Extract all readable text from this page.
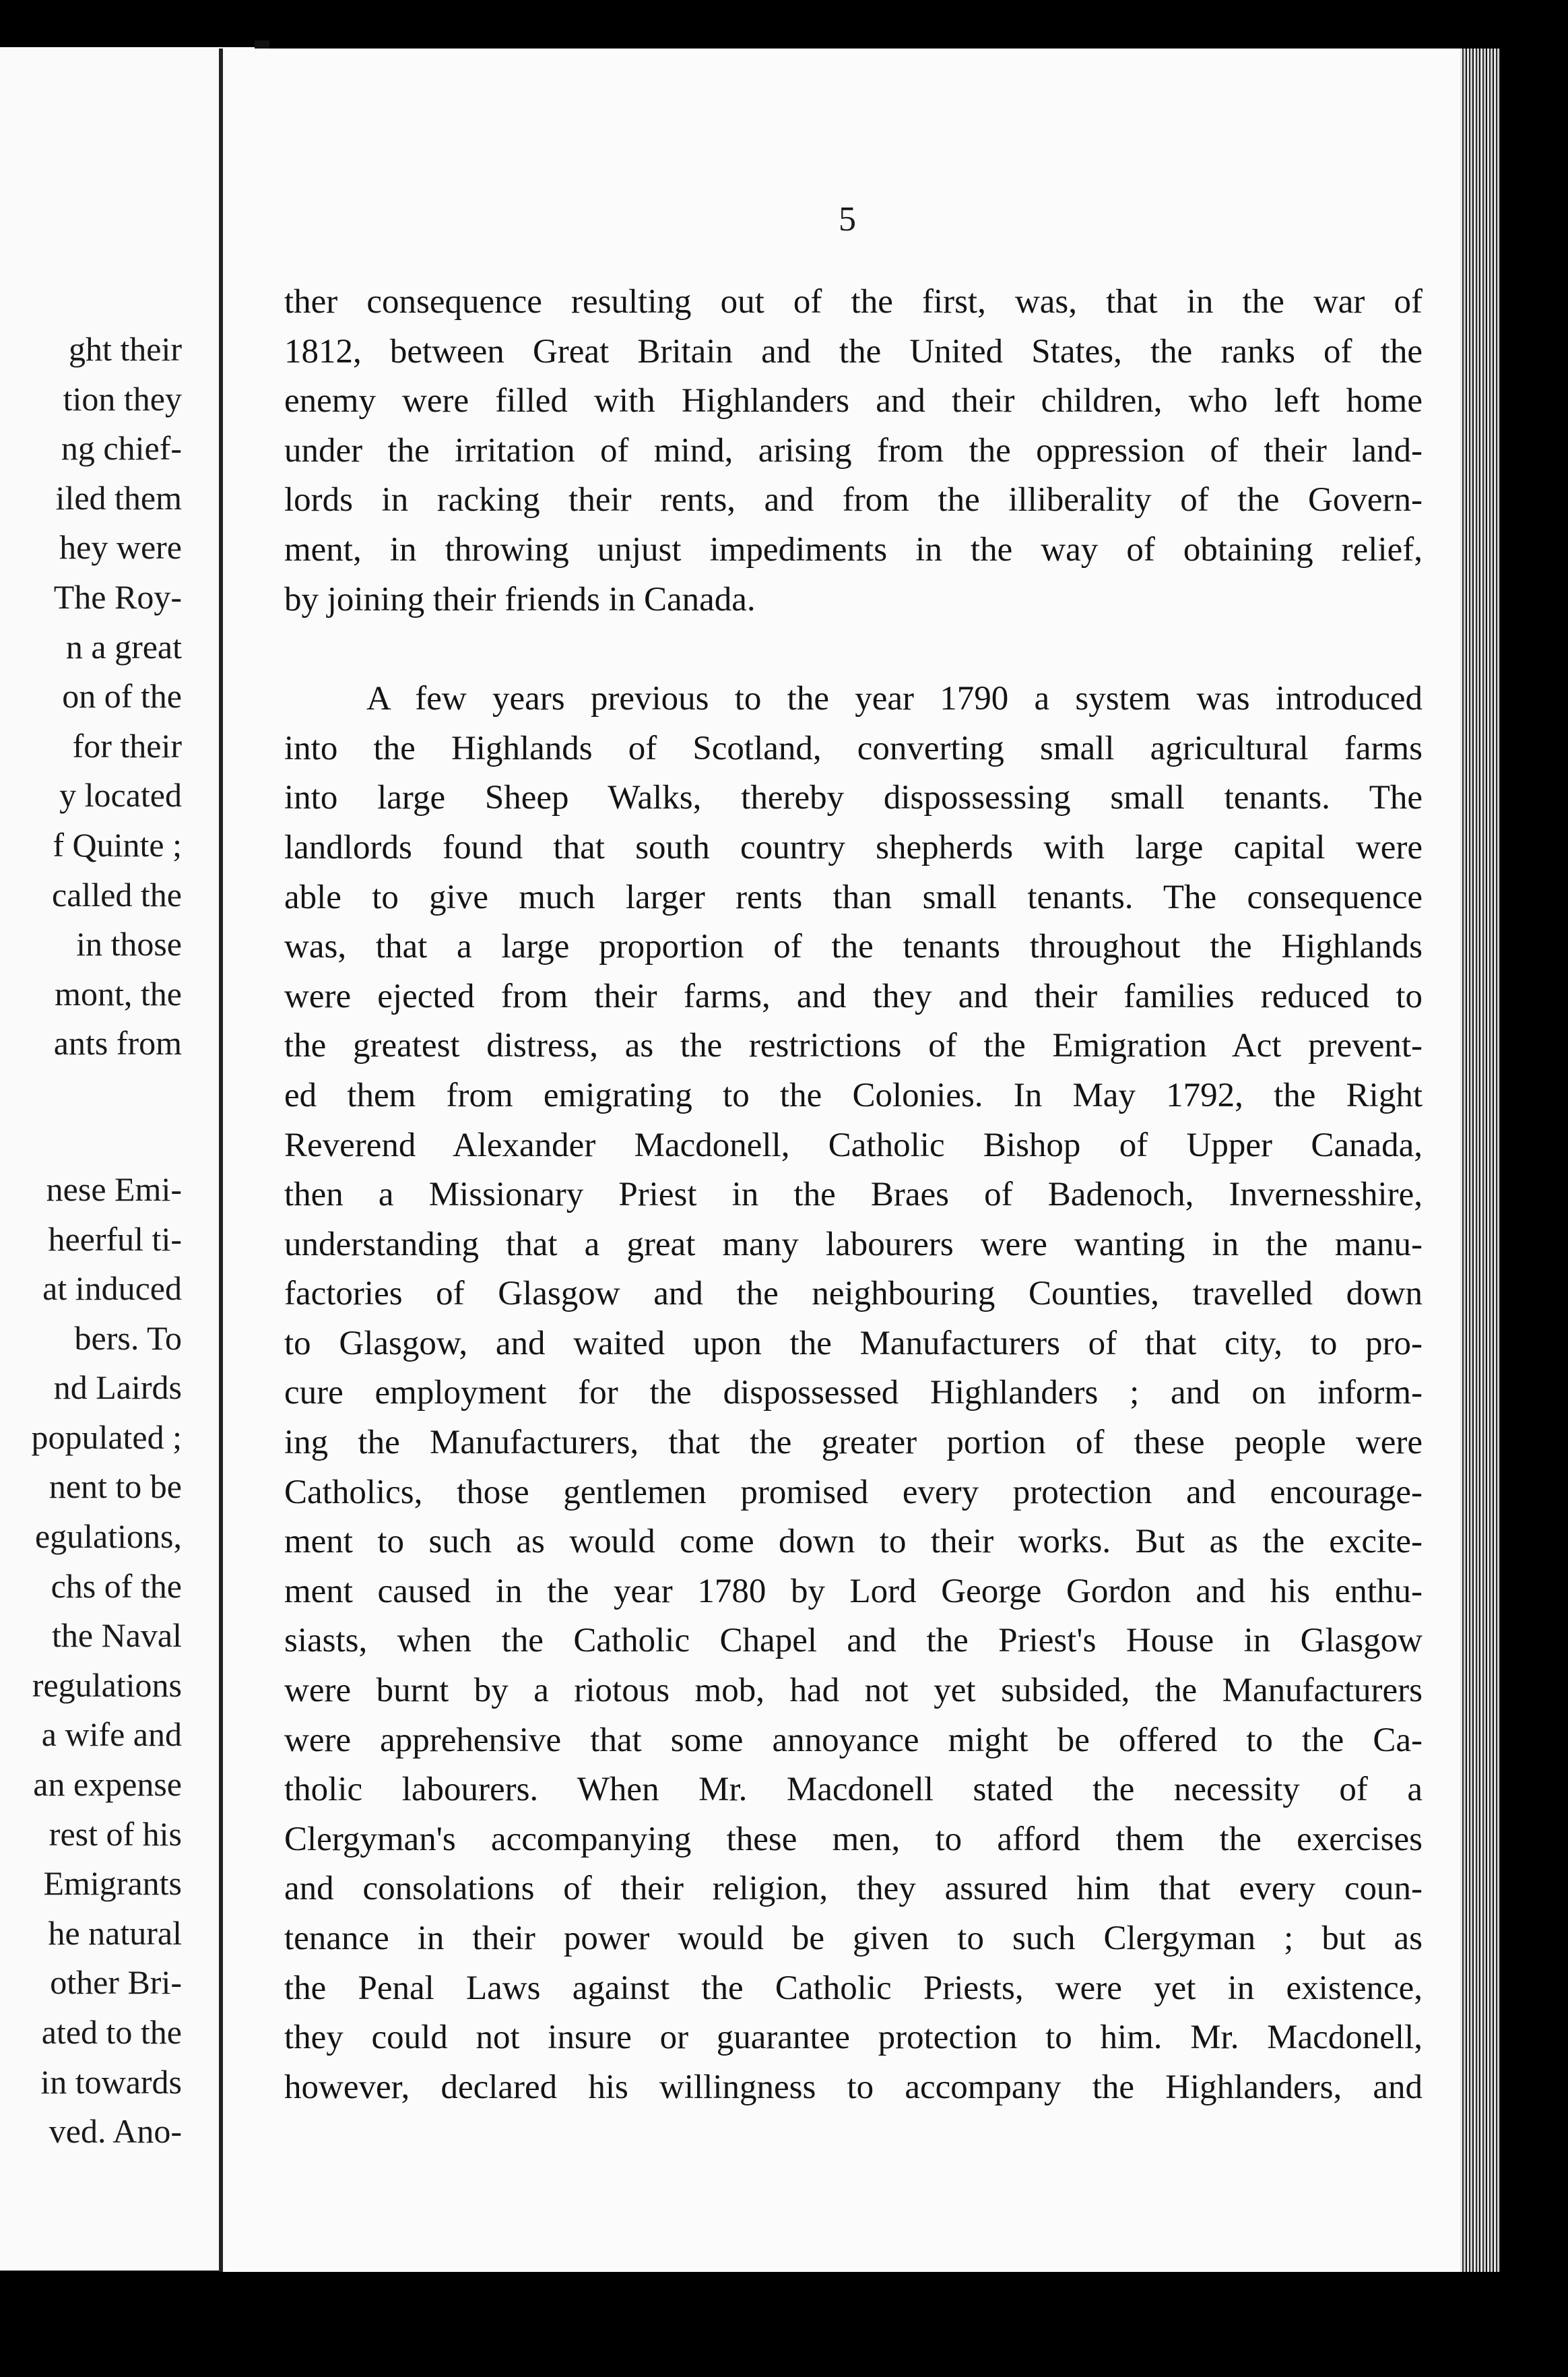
ght their
tion they
ng chief-
iled them
hey were
The Roy-
n a great
on of the
for their
y located
f Quinte ;
called the
in those
mont, the
ants from
nese Emi-
heerful ti-
at induced
bers. To
nd Lairds
populated ;
nent to be
egulations,
chs of the
the Naval
regulations
a wife and
an expense
rest of his
Emigrants
he natural
other Bri-
ated to the
in towards
ved. Ano-
5
ther consequence resulting out of the first, was, that in the war of
1812, between Great Britain and the United States, the ranks of the
enemy were filled with Highlanders and their children, who left home
under the irritation of mind, arising from the oppression of their land-
lords in racking their rents, and from the illiberality of the Govern-
ment, in throwing unjust impediments in the way of obtaining relief,
by joining their friends in Canada.
A few years previous to the year 1790 a system was introduced
into the Highlands of Scotland, converting small agricultural farms
into large Sheep Walks, thereby dispossessing small tenants. The
landlords found that south country shepherds with large capital were
able to give much larger rents than small tenants. The consequence
was, that a large proportion of the tenants throughout the Highlands
were ejected from their farms, and they and their families reduced to
the greatest distress, as the restrictions of the Emigration Act prevent-
ed them from emigrating to the Colonies. In May 1792, the Right
Reverend Alexander Macdonell, Catholic Bishop of Upper Canada,
then a Missionary Priest in the Braes of Badenoch, Invernesshire,
understanding that a great many labourers were wanting in the manu-
factories of Glasgow and the neighbouring Counties, travelled down
to Glasgow, and waited upon the Manufacturers of that city, to pro-
cure employment for the dispossessed Highlanders ; and on inform-
ing the Manufacturers, that the greater portion of these people were
Catholics, those gentlemen promised every protection and encourage-
ment to such as would come down to their works. But as the excite-
ment caused in the year 1780 by Lord George Gordon and his enthu-
siasts, when the Catholic Chapel and the Priest's House in Glasgow
were burnt by a riotous mob, had not yet subsided, the Manufacturers
were apprehensive that some annoyance might be offered to the Ca-
tholic labourers. When Mr. Macdonell stated the necessity of a
Clergyman's accompanying these men, to afford them the exercises
and consolations of their religion, they assured him that every coun-
tenance in their power would be given to such Clergyman ; but as
the Penal Laws against the Catholic Priests, were yet in existence,
they could not insure or guarantee protection to him. Mr. Macdonell,
however, declared his willingness to accompany the Highlanders, and
